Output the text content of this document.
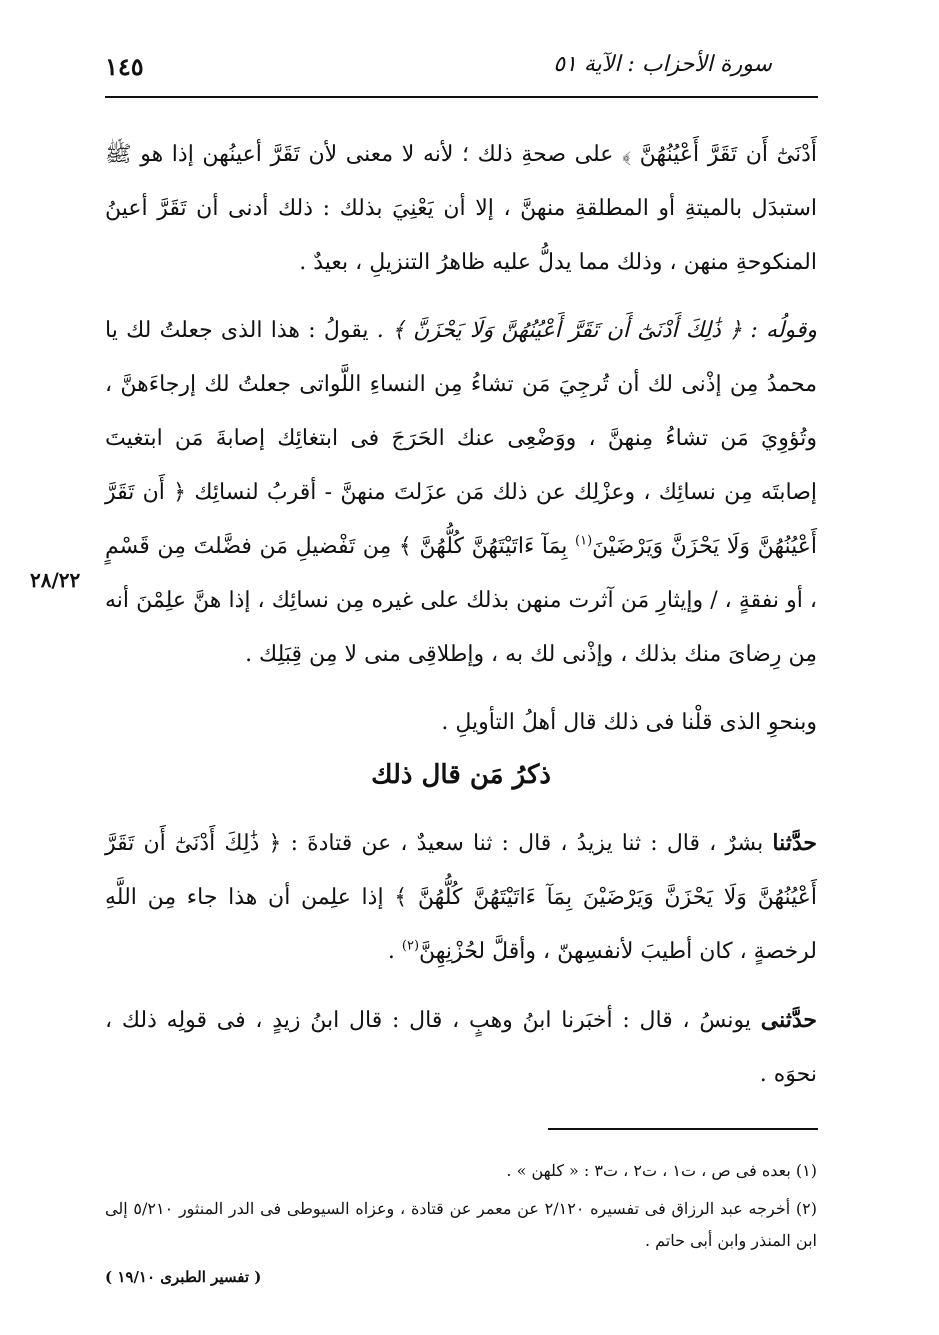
سورة الأحزاب : الآية ٥١
١٤٥

أَدْنَىٰٓ أَن تَقَرَّ أَعْيُنُهُنَّ ﴾ على صحةِ ذلك ؛ لأنه لا معنى لأن تَقَرَّ أعينُهن إذا هو ﷺ استبدَل بالميتةِ أو المطلقةِ منهنَّ ، إلا أن يَعْنِيَ بذلك : ذلك أدنى أن تَقَرَّ أعينُ المنكوحةِ منهن ، وذلك مما يدلُّ عليه ظاهرُ التنزيلِ ، بعيدٌ .

وقولُه : ﴿ ذَٰلِكَ أَدْنَىٰٓ أَن تَقَرَّ أَعْيُنُهُنَّ وَلَا يَحْزَنَّ ﴾ . يقولُ : هذا الذى جعلتُ لك يا محمدُ مِن إذْنى لك أن تُرجِيَ مَن تشاءُ مِن النساءِ اللَّواتى جعلتُ لك إرجاءَهنَّ ، وتُؤوِيَ مَن تشاءُ مِنهنَّ ، ووَضْعِى عنك الحَرَجَ فى ابتغائِك إصابةَ مَن ابتغيتَ إصابتَه مِن نسائِك ، وعزْلِك عن ذلك مَن عزَلتَ منهنَّ - أقربُ لنسائِك ﴿ أَن تَقَرَّ أَعْيُنُهُنَّ وَلَا يَحْزَنَّ وَيَرْضَيْنَ$^{(١)}$ بِمَآ ءَاتَيْتَهُنَّ كُلُّهُنَّ ﴾ مِن تَفْضيلِ مَن فضَّلتَ مِن قَسْمٍ ، أو نفقةٍ ، / وإيثارِ مَن آثرت منهن بذلك على غيره مِن نسائِك ، إذا هنَّ علِمْنَ أنه مِن رِضاىَ منك بذلك ، وإذْنى لك به ، وإطلاقِى منى لا مِن قِبَلِك .

وبنحوِ الذى قلْنا فى ذلك قال أهلُ التأويلِ .

٢٨/٢٢
ذكرُ مَن قال ذلك

حدَّثنا بشرٌ ، قال : ثنا يزيدُ ، قال : ثنا سعيدٌ ، عن قتادةَ : ﴿ ذَٰلِكَ أَدْنَىٰٓ أَن تَقَرَّ أَعْيُنُهُنَّ وَلَا يَحْزَنَّ وَيَرْضَيْنَ بِمَآ ءَاتَيْتَهُنَّ كُلُّهُنَّ ﴾ إذا علِمن أن هذا جاء مِن اللَّهِ لرخصةٍ ، كان أطيبَ لأنفسِهنّ ، وأقلَّ لحُزْنِهِنَّ$^{(٢)}$ .

حدَّثنى يونسُ ، قال : أخبَرنا ابنُ وهبٍ ، قال : قال ابنُ زيدٍ ، فى قولِه ذلك ، نحوَه .

(١) بعده فى ص ، ت١ ، ت٢ ، ت٣ : « كلهن » .

(٢) أخرجه عبد الرزاق فى تفسيره ٢/١٢٠ عن معمر عن قتادة ، وعزاه السيوطى فى الدر المنثور ٥/٢١٠ إلى ابن المنذر وابن أبى حاتم .

( تفسير الطبرى ١٩/١٠ )
